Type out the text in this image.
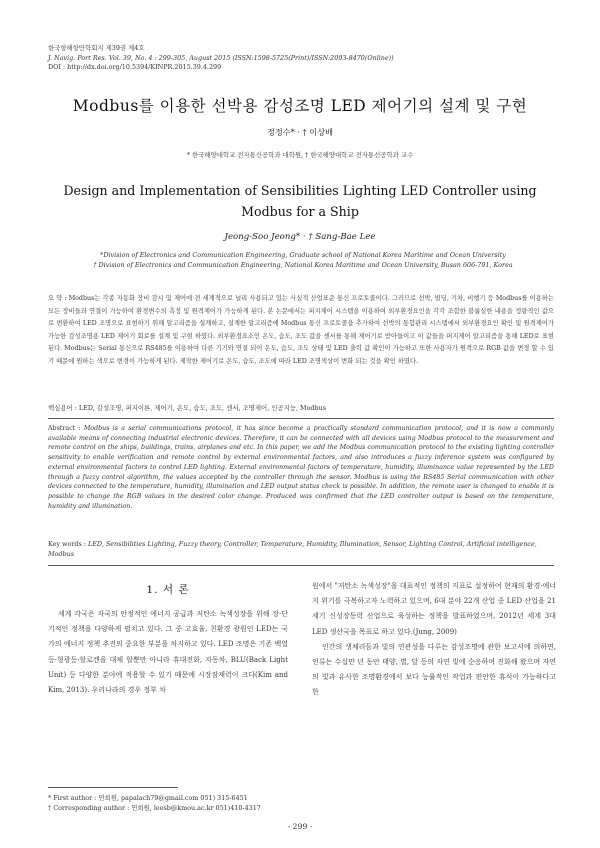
한국항해항만학회지 제39권 제4호
J. Navig. Port Res. Vol. 39, No. 4 : 299-305, August 2015 (ISSN:1598-5725(Print)/ISSN:2093-8470(Online))
DOI : http://dx.doi.org/10.5394/KINPR.2015.39.4.299
Modbus를 이용한 선박용 감성조명 LED 제어기의 설계 및 구현
정정수* · † 이상배
* 한국해양대학교 전자통신공학과 대학원, † 한국해양대학교 전자통신공학과 교수
Design and Implementation of Sensibilities Lighting LED Controller using Modbus for a Ship
Jeong-Soo Jeong* · † Sang-Bae Lee
*Division of Electronics and Communication Engineering, Graduate school of National Korea Maritime and Ocean University
† Division of Electronics and Communication Engineering, National Korea Maritime and Ocean University, Busan 606-791, Korea
요 약 : Modbus는 각종 자동화 장비 감시 및 제어에 전 세계적으로 널리 사용되고 있는 사실적 산업표준 통신 프로토콜이다. 그러므로 선박, 빌딩, 기차, 비행기 등 Modbus를 이용하는 모든 장비들과 연결이 가능하여 환경변수의 측정 및 원격제어가 가능하게 된다. 본 논문에서는 퍼지제어 시스템을 이용하여 외부환경요인을 각각 조합한 블룸실한 내용을 정량적인 값으로 변환하여 LED 조명으로 표현하기 위해 알고리즘을 설계하고, 설계한 알고리즘에 Modbus 통신 프로토콜을 추가하여 선박의 통합관리 시스템에서 외부환경요인 확인 및 원격제어가 가능한 감성조명용 LED 제어기 회로를 설계 및 구현 하였다. 외부환경요소인 온도, 습도, 조도 값을 센서를 통해 제어기로 받아들이고 이 값들을 퍼지제어 알고리즘을 통해 LED로 표현된다. Modbus는 Serial 통신으로 RS485를 이용하여 다른 기기와 연결 되어 온도, 습도, 조도 상태 및 LED 출력 값 확인이 가능하고 또한 사용자가 원격으로 RGB 값을 변경 할 수 있기 때문에 원하는 색으로 변경이 가능하게 된다. 제작한 제어기로 온도, 습도, 조도에 따라 LED 조명색상이 변화 되는 것을 확인 하였다.
핵심용어 : LED, 감성조명, 퍼지이론, 제어기, 온도, 습도, 조도, 센서, 조명제어, 인공지능, Modbus
Abstract : Modbus is a serial communications protocol, it has since become a practically standard communication protocol, and it is now a commonly available means of connecting industrial electronic devices. Therefore, it can be connected with all devices using Modbus protocol to the measurement and remote control on the ships, buildings, trains, airplanes and etc. In this paper, we add the Modbus communication protocol to the existing lighting controller sensitivity to enable verification and remote control by external environmental factors, and also introduces a fuzzy inference system was configured by external environmental factors to control LED lighting. External environmental factors of temperature, humidity, illuminance value represented by the LED through a fuzzy control algorithm, the values accepted by the controller through the sensor. Modbus is using the RS485 Serial communication with other devices connected to the temperature, humidity, illumination and LED output status check is possible. In addition, the remote user is changed to enable it is possible to change the RGB values in the desired color change. Produced was confirmed that the LED controller output is based on the temperature, humidity and illumination.
Key words : LED, Sensibilities Lighting, Fuzzy theory, Controller, Temperature, Humidity, Illumination, Sensor, Lighting Control, Artificial intelligence, Modbus
1. 서 론
세계 각국은 자국의 안정적인 에너지 공급과 저탄소 녹색성장을 위해 장·단기적인 정책을 다양하게 펼치고 있다. 그 중 고효율, 친환경 광원인 LED는 국가의 에너지 정책 추진의 중요한 부분을 차지하고 있다. LED 조명은 기존 백열등·형광등·할로겐을 대체 할뿐만 아니라 휴대전화, 자동차, BLU(Back Light Unit) 등 다양한 분야에 적용할 수 있기 때문에 시장잠재력이 크다(Kim and Kim, 2013). 우리나라의 경우 정부 차

원에서 "저탄소 녹색성장"을 대표적인 정책의 지표로 설정하여 현재의 환경·에너지 위기를 극복하고자 노력하고 있으며, 6대 분야 22개 산업 중 LED 산업을 21세기 신성장동력 산업으로 육성하는 정책을 발표하였으며, 2012년 세계 3대 LED 생산국을 목표로 하고 있다.(Jung, 2009)

인간의 생체리듬과 빛의 연관성을 다루는 감성조명에 관한 보고서에 의하면, 인류는 수십만 년 동안 태양, 별, 달 등의 자연 빛에 순응하며 진화해 왔으며 자연의 빛과 유사한 조명환경에서 보다 능률적인 작업과 편안한 휴식이 가능하다고 한

* First author : 연희원, papalach79@gmail.com 051) 315-6451
† Corresponding author : 연희원, leesb@kmou.ac.kr 051)410-4317
- 299 -
